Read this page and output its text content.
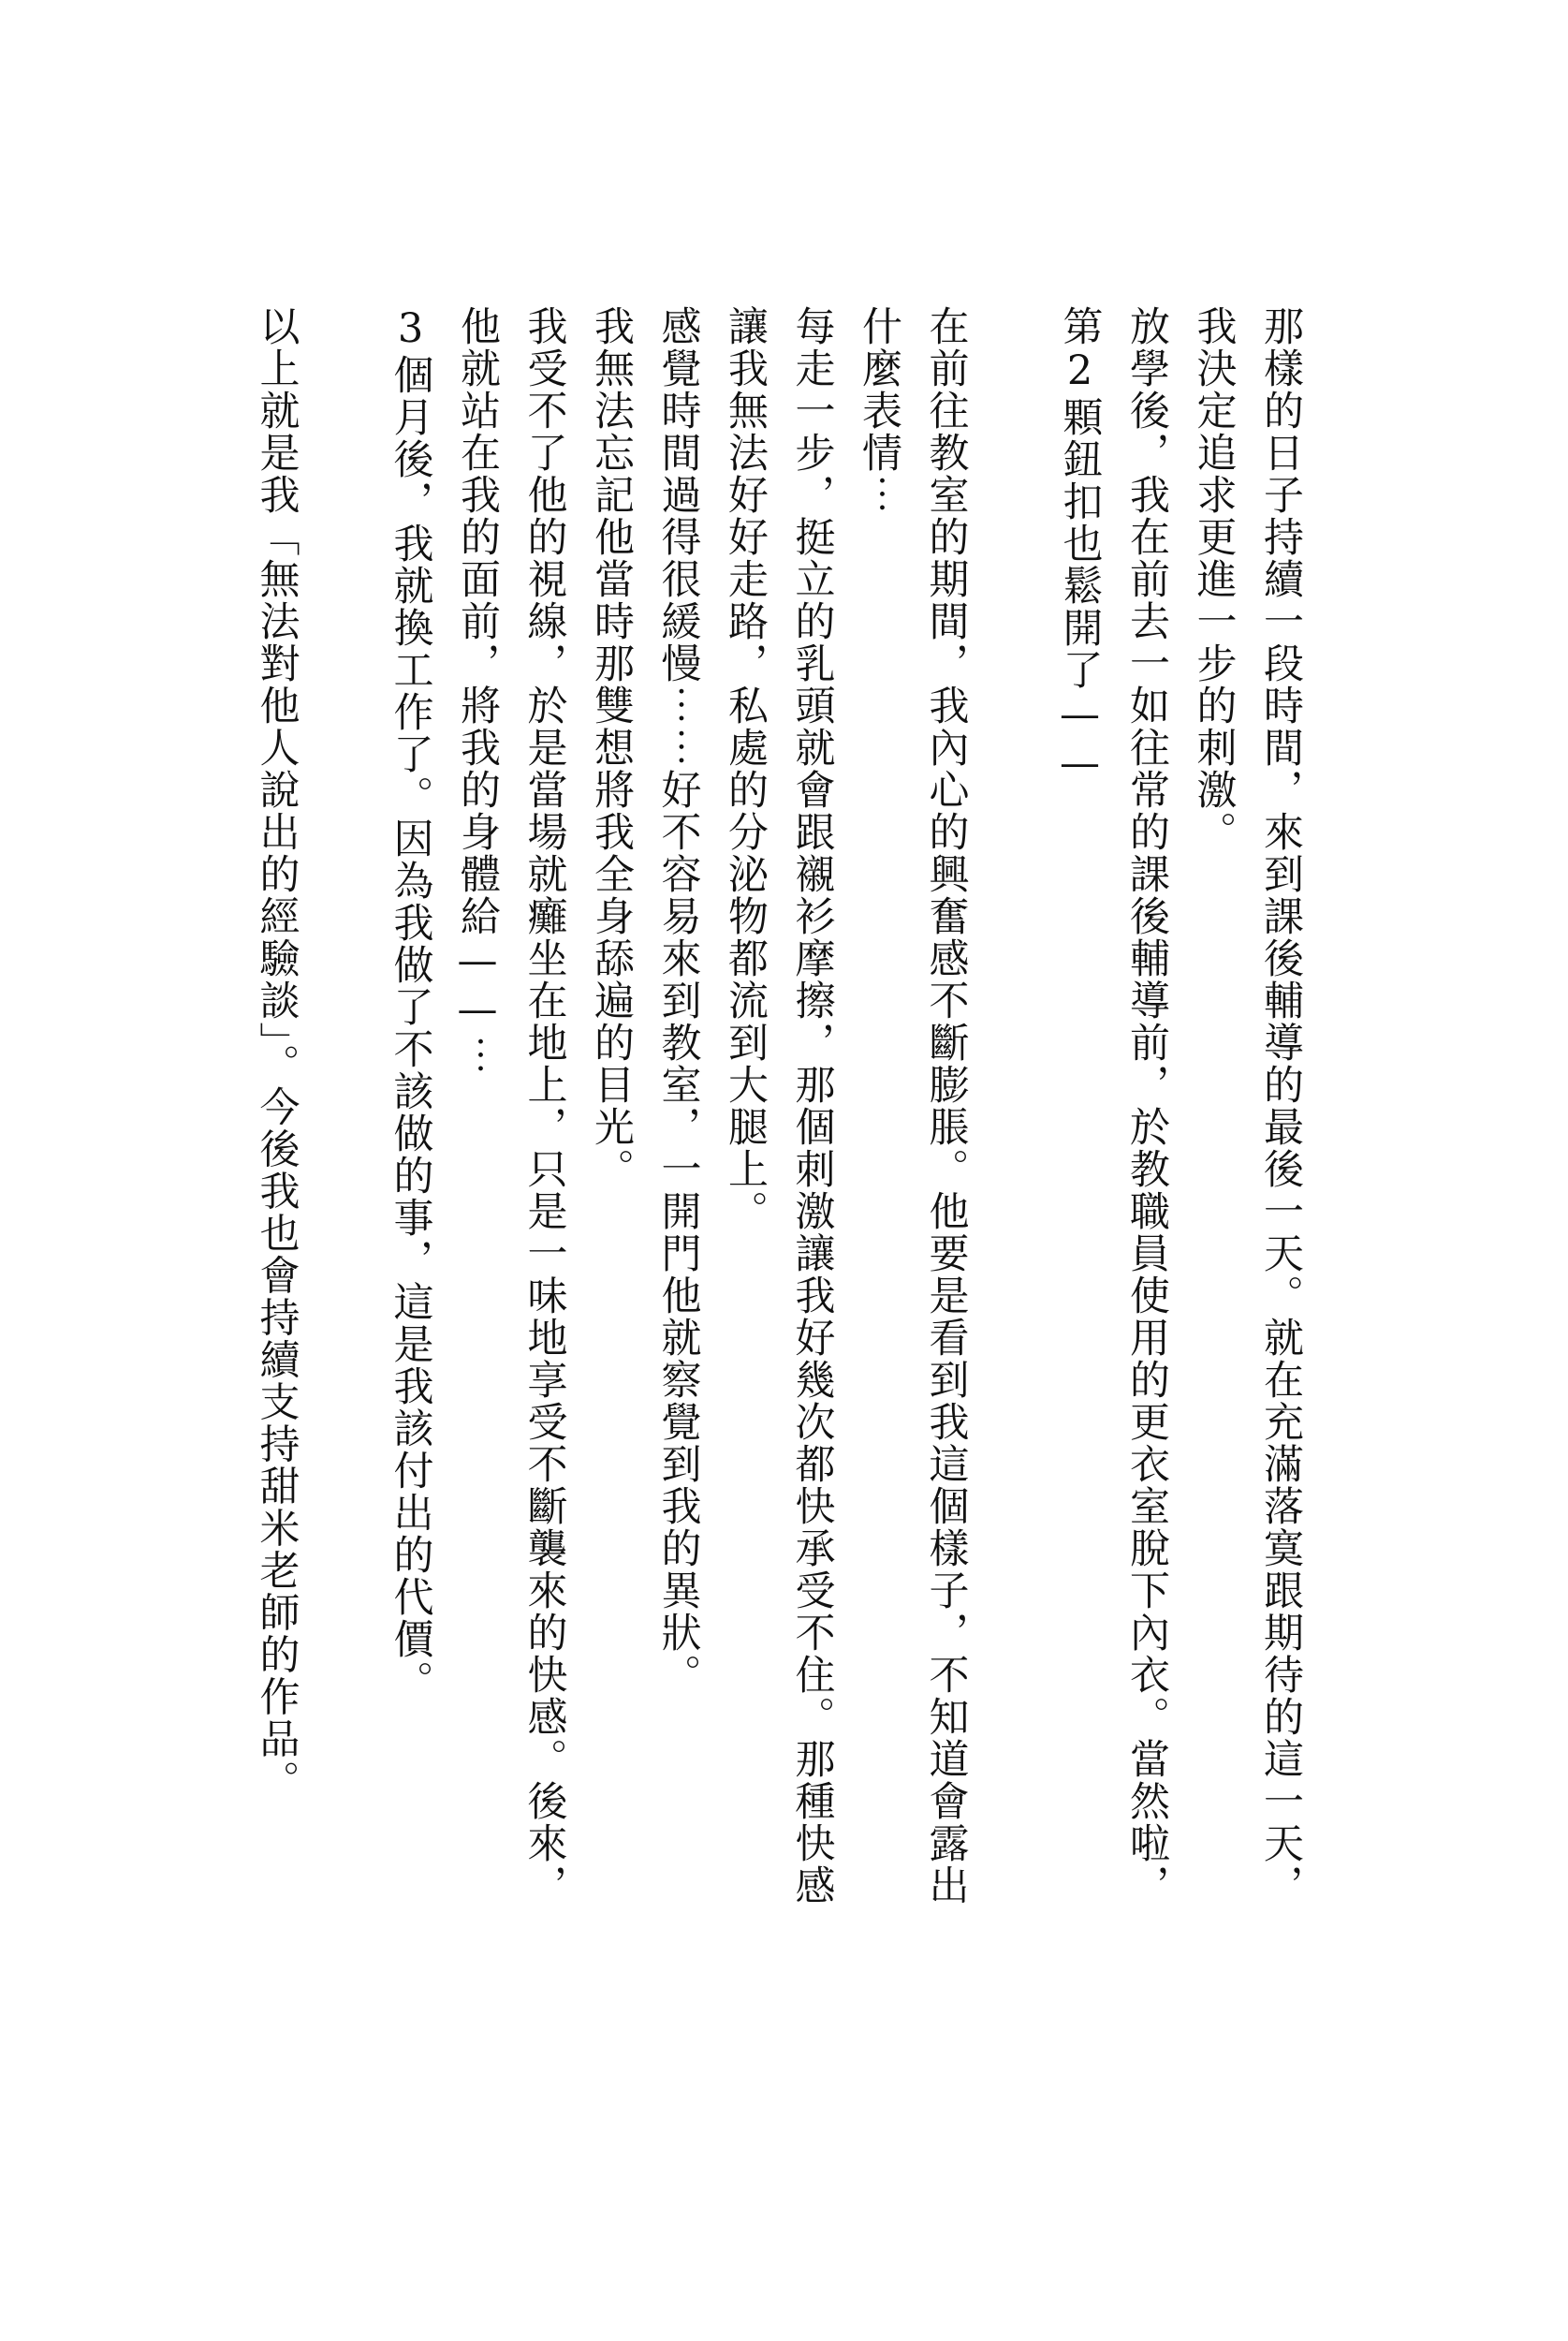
那樣的日子持續一段時間，來到課後輔導的最後一天。就在充滿落寞跟期待的這一天，
我決定追求更進一步的刺激。
放學後，我在前去一如往常的課後輔導前，於教職員使用的更衣室脫下內衣。當然啦，
第2顆鈕扣也鬆開了——
在前往教室的期間，我內心的興奮感不斷膨脹。他要是看到我這個樣子，不知道會露出
什麼表情⋯
每走一步，挺立的乳頭就會跟襯衫摩擦，那個刺激讓我好幾次都快承受不住。那種快感
讓我無法好好走路，私處的分泌物都流到大腿上。
感覺時間過得很緩慢⋯⋯好不容易來到教室，一開門他就察覺到我的異狀。
我無法忘記他當時那雙想將我全身舔遍的目光。
我受不了他的視線，於是當場就癱坐在地上，只是一味地享受不斷襲來的快感。後來，
他就站在我的面前，將我的身體給——⋯
3個月後，我就換工作了。因為我做了不該做的事，這是我該付出的代價。
以上就是我「無法對他人說出的經驗談」。今後我也會持續支持甜米老師的作品。
